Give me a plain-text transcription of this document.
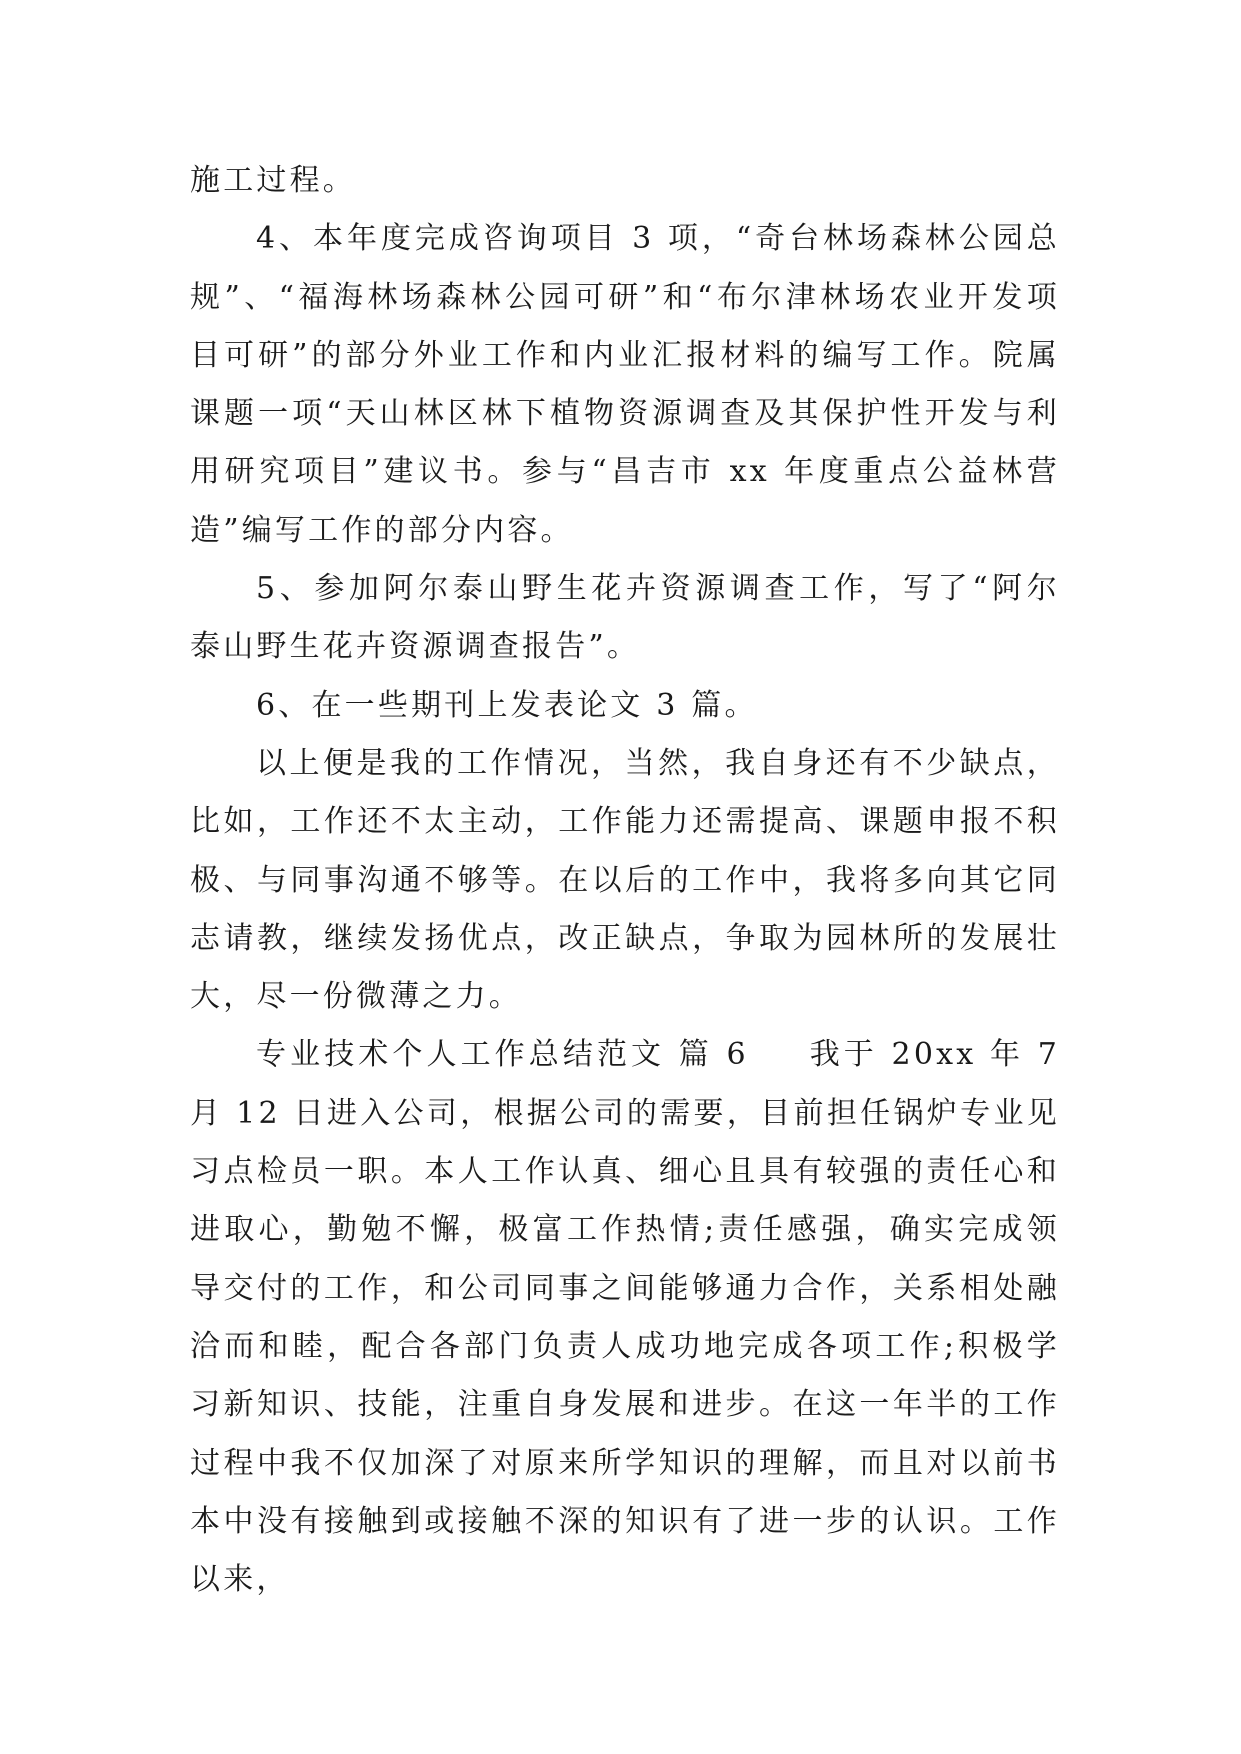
施工过程。

4、本年度完成咨询项目 3 项，“奇台林场森林公园总规”、“福海林场森林公园可研”和“布尔津林场农业开发项目可研”的部分外业工作和内业汇报材料的编写工作。院属课题一项“天山林区林下植物资源调查及其保护性开发与利用研究项目”建议书。参与“昌吉市 xx 年度重点公益林营造”编写工作的部分内容。

5、参加阿尔泰山野生花卉资源调查工作，写了“阿尔泰山野生花卉资源调查报告”。

6、在一些期刊上发表论文 3 篇。

以上便是我的工作情况，当然，我自身还有不少缺点，比如，工作还不太主动，工作能力还需提高、课题申报不积极、与同事沟通不够等。在以后的工作中，我将多向其它同志请教，继续发扬优点，改正缺点，争取为园林所的发展壮大，尽一份微薄之力。

专业技术个人工作总结范文 篇 6 我于 20xx 年 7 月 12 日进入公司，根据公司的需要，目前担任锅炉专业见习点检员一职。本人工作认真、细心且具有较强的责任心和进取心，勤勉不懈，极富工作热情;责任感强，确实完成领导交付的工作，和公司同事之间能够通力合作，关系相处融洽而和睦，配合各部门负责人成功地完成各项工作;积极学习新知识、技能，注重自身发展和进步。在这一年半的工作过程中我不仅加深了对原来所学知识的理解，而且对以前书本中没有接触到或接触不深的知识有了进一步的认识。工作以来，
